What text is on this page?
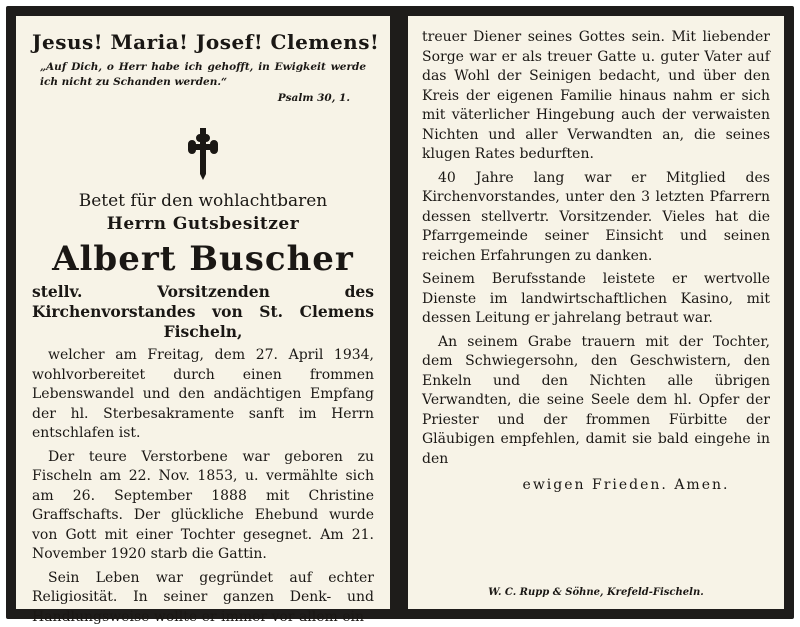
Jesus! Maria! Josef! Clemens!
„Auf Dich, o Herr habe ich gehofft, in Ewigkeit werde ich nicht zu Schanden werden.“
Psalm 30, 1.
Betet für den wohlachtbaren
Herrn Gutsbesitzer
Albert Buscher
stellv. Vorsitzenden des Kirchenvorstandes von St. Clemens Fischeln,

welcher am Freitag, dem 27. April 1934, wohlvorbereitet durch einen frommen Lebenswandel und den andächtigen Empfang der hl. Sterbesakramente sanft im Herrn entschlafen ist.

Der teure Verstorbene war geboren zu Fischeln am 22. Nov. 1853, u. vermählte sich am 26. September 1888 mit Christine Graffschafts. Der glückliche Ehebund wurde von Gott mit einer Tochter gesegnet. Am 21. November 1920 starb die Gattin.

Sein Leben war gegründet auf echter Religiosität. In seiner ganzen Denk- und Handlungsweise wollte er immer vor allem ein

treuer Diener seines Gottes sein. Mit liebender Sorge war er als treuer Gatte u. guter Vater auf das Wohl der Seinigen bedacht, und über den Kreis der eigenen Familie hinaus nahm er sich mit väterlicher Hingebung auch der verwaisten Nichten und aller Verwandten an, die seines klugen Rates bedurften.

40 Jahre lang war er Mitglied des Kirchenvorstandes, unter den 3 letzten Pfarrern dessen stellvertr. Vorsitzender. Vieles hat die Pfarrgemeinde seiner Einsicht und seinen reichen Erfahrungen zu danken.

Seinem Berufsstande leistete er wertvolle Dienste im landwirtschaftlichen Kasino, mit dessen Leitung er jahrelang betraut war.

An seinem Grabe trauern mit der Tochter, dem Schwiegersohn, den Geschwistern, den Enkeln und den Nichten alle übrigen Verwandten, die seine Seele dem hl. Opfer der Priester und der frommen Fürbitte der Gläubigen empfehlen, damit sie bald eingehe in den

ewigen Frieden. Amen.
W. C. Rupp & Söhne, Krefeld-Fischeln.
